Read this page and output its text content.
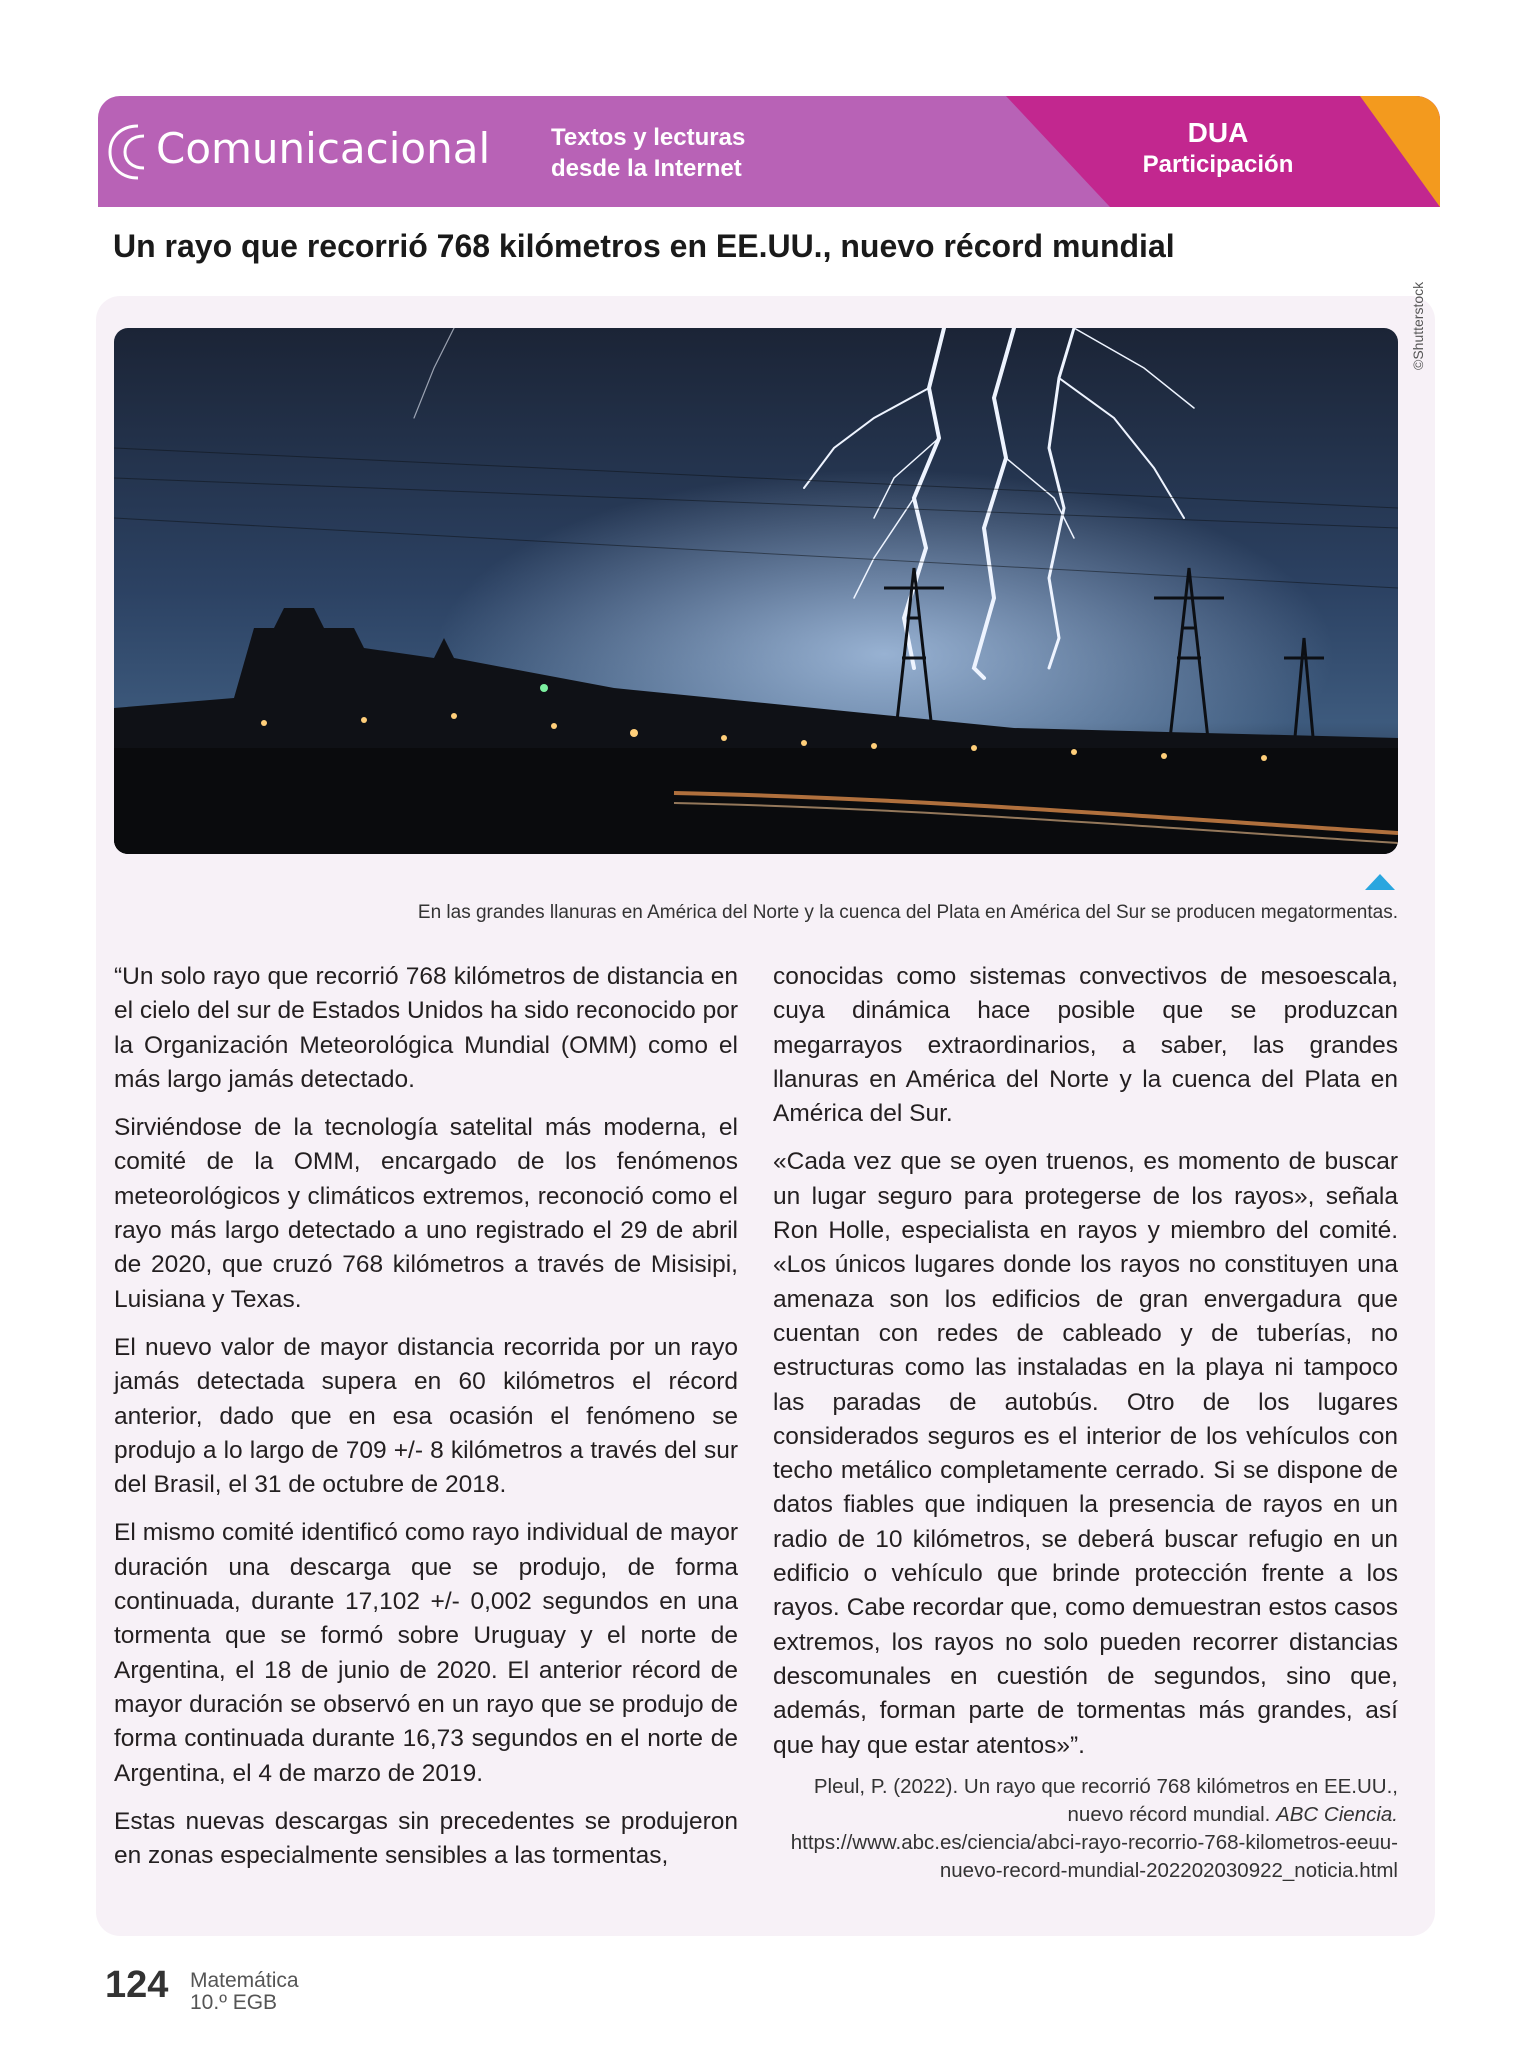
Comunicacional	Textos y lecturas
desde la Internet
DUA
Participación
Un rayo que recorrió 768 kilómetros en EE.UU., nuevo récord mundial
©Shutterstock
En las grandes llanuras en América del Norte y la cuenca del Plata en América del Sur se producen megatormentas.

“Un solo rayo que recorrió 768 kilómetros de distancia en el cielo del sur de Estados Unidos ha sido reconocido por la Organización Meteorológica Mundial (OMM) como el más largo jamás detectado.

Sirviéndose de la tecnología satelital más moderna, el comité de la OMM, encargado de los fenómenos meteorológicos y climáticos extremos, reconoció como el rayo más largo detectado a uno registrado el 29 de abril de 2020, que cruzó 768 kilómetros a través de Misisipi, Luisiana y Texas.

El nuevo valor de mayor distancia recorrida por un rayo jamás detectada supera en 60 kilómetros el récord anterior, dado que en esa ocasión el fenómeno se produjo a lo largo de 709 +/- 8 kilómetros a través del sur del Brasil, el 31 de octubre de 2018.

El mismo comité identificó como rayo individual de mayor duración una descarga que se produjo, de forma continuada, durante 17,102 +/- 0,002 segundos en una tormenta que se formó sobre Uruguay y el norte de Argentina, el 18 de junio de 2020. El anterior récord de mayor duración se observó en un rayo que se produjo de forma continuada durante 16,73 segundos en el norte de Argentina, el 4 de marzo de 2019.

Estas nuevas descargas sin precedentes se produjeron en zonas especialmente sensibles a las tormentas,

conocidas como sistemas convectivos de mesoescala, cuya dinámica hace posible que se produzcan megarrayos extraordinarios, a saber, las grandes llanuras en América del Norte y la cuenca del Plata en América del Sur.

«Cada vez que se oyen truenos, es momento de buscar un lugar seguro para protegerse de los rayos», señala Ron Holle, especialista en rayos y miembro del comité. «Los únicos lugares donde los rayos no constituyen una amenaza son los edificios de gran envergadura que cuentan con redes de cableado y de tuberías, no estructuras como las instaladas en la playa ni tampoco las paradas de autobús. Otro de los lugares considerados seguros es el interior de los vehículos con techo metálico completamente cerrado. Si se dispone de datos fiables que indiquen la presencia de rayos en un radio de 10 kilómetros, se deberá buscar refugio en un edificio o vehículo que brinde protección frente a los rayos. Cabe recordar que, como demuestran estos casos extremos, los rayos no solo pueden recorrer distancias descomunales en cuestión de segundos, sino que, además, forman parte de tormentas más grandes, así que hay que estar atentos»”.

Pleul, P. (2022). Un rayo que recorrió 768 kilómetros en EE.UU., nuevo récord mundial. ABC Ciencia. https://www.abc.es/ciencia/abci-rayo-recorrio-768-kilometros-eeuu-nuevo-record-mundial-202202030922_noticia.html
124 Matemática
10.º EGB
